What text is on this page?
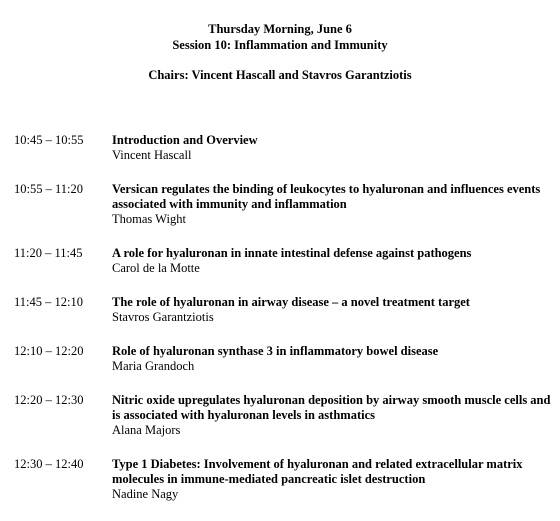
Thursday Morning, June 6

Session 10: Inflammation and Immunity

Chairs: Vincent Hascall and Stavros Garantziotis

10:45 – 10:55	Introduction and Overview
Vincent Hascall
10:55 – 11:20	Versican regulates the binding of leukocytes to hyaluronan and influences events associated with immunity and inflammation
Thomas Wight
11:20 – 11:45	A role for hyaluronan in innate intestinal defense against pathogens
Carol de la Motte
11:45 – 12:10	The role of hyaluronan in airway disease – a novel treatment target
Stavros Garantziotis
12:10 – 12:20	Role of hyaluronan synthase 3 in inflammatory bowel disease
Maria Grandoch
12:20 – 12:30	Nitric oxide upregulates hyaluronan deposition by airway smooth muscle cells and is associated with hyaluronan levels in asthmatics
Alana Majors
12:30 – 12:40	Type 1 Diabetes: Involvement of hyaluronan and related extracellular matrix molecules in immune-mediated pancreatic islet destruction
Nadine Nagy
